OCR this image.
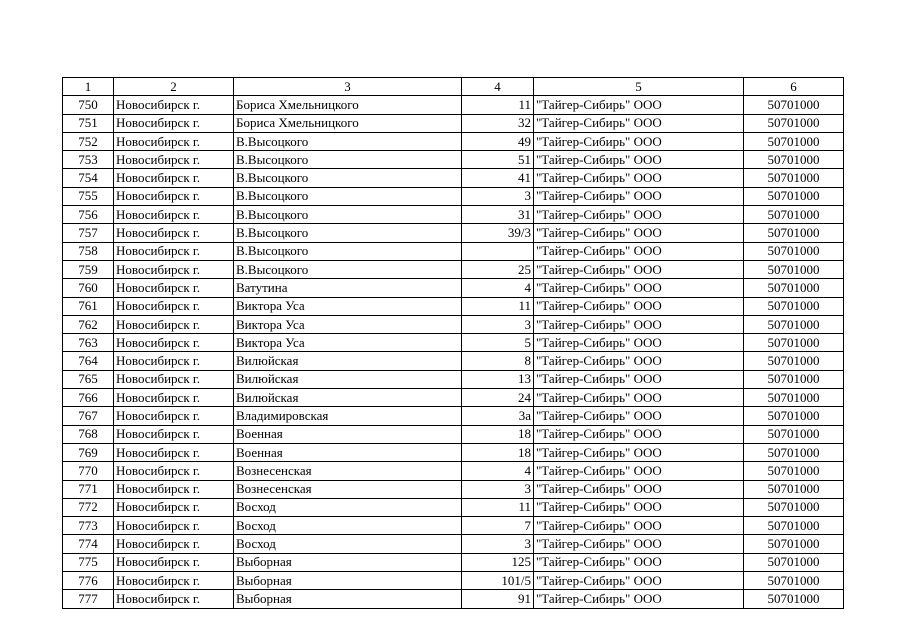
1	2	3	4	5	6
750	Новосибирск г.	Бориса Хмельницкого	11	"Тайгер-Сибирь" ООО	50701000
751	Новосибирск г.	Бориса Хмельницкого	32	"Тайгер-Сибирь" ООО	50701000
752	Новосибирск г.	В.Высоцкого	49	"Тайгер-Сибирь" ООО	50701000
753	Новосибирск г.	В.Высоцкого	51	"Тайгер-Сибирь" ООО	50701000
754	Новосибирск г.	В.Высоцкого	41	"Тайгер-Сибирь" ООО	50701000
755	Новосибирск г.	В.Высоцкого	3	"Тайгер-Сибирь" ООО	50701000
756	Новосибирск г.	В.Высоцкого	31	"Тайгер-Сибирь" ООО	50701000
757	Новосибирск г.	В.Высоцкого	39/3	"Тайгер-Сибирь" ООО	50701000
758	Новосибирск г.	В.Высоцкого		"Тайгер-Сибирь" ООО	50701000
759	Новосибирск г.	В.Высоцкого	25	"Тайгер-Сибирь" ООО	50701000
760	Новосибирск г.	Ватутина	4	"Тайгер-Сибирь" ООО	50701000
761	Новосибирск г.	Виктора Уса	11	"Тайгер-Сибирь" ООО	50701000
762	Новосибирск г.	Виктора Уса	3	"Тайгер-Сибирь" ООО	50701000
763	Новосибирск г.	Виктора Уса	5	"Тайгер-Сибирь" ООО	50701000
764	Новосибирск г.	Вилюйская	8	"Тайгер-Сибирь" ООО	50701000
765	Новосибирск г.	Вилюйская	13	"Тайгер-Сибирь" ООО	50701000
766	Новосибирск г.	Вилюйская	24	"Тайгер-Сибирь" ООО	50701000
767	Новосибирск г.	Владимировская	3а	"Тайгер-Сибирь" ООО	50701000
768	Новосибирск г.	Военная	18	"Тайгер-Сибирь" ООО	50701000
769	Новосибирск г.	Военная	18	"Тайгер-Сибирь" ООО	50701000
770	Новосибирск г.	Вознесенская	4	"Тайгер-Сибирь" ООО	50701000
771	Новосибирск г.	Вознесенская	3	"Тайгер-Сибирь" ООО	50701000
772	Новосибирск г.	Восход	11	"Тайгер-Сибирь" ООО	50701000
773	Новосибирск г.	Восход	7	"Тайгер-Сибирь" ООО	50701000
774	Новосибирск г.	Восход	3	"Тайгер-Сибирь" ООО	50701000
775	Новосибирск г.	Выборная	125	"Тайгер-Сибирь" ООО	50701000
776	Новосибирск г.	Выборная	101/5	"Тайгер-Сибирь" ООО	50701000
777	Новосибирск г.	Выборная	91	"Тайгер-Сибирь" ООО	50701000
